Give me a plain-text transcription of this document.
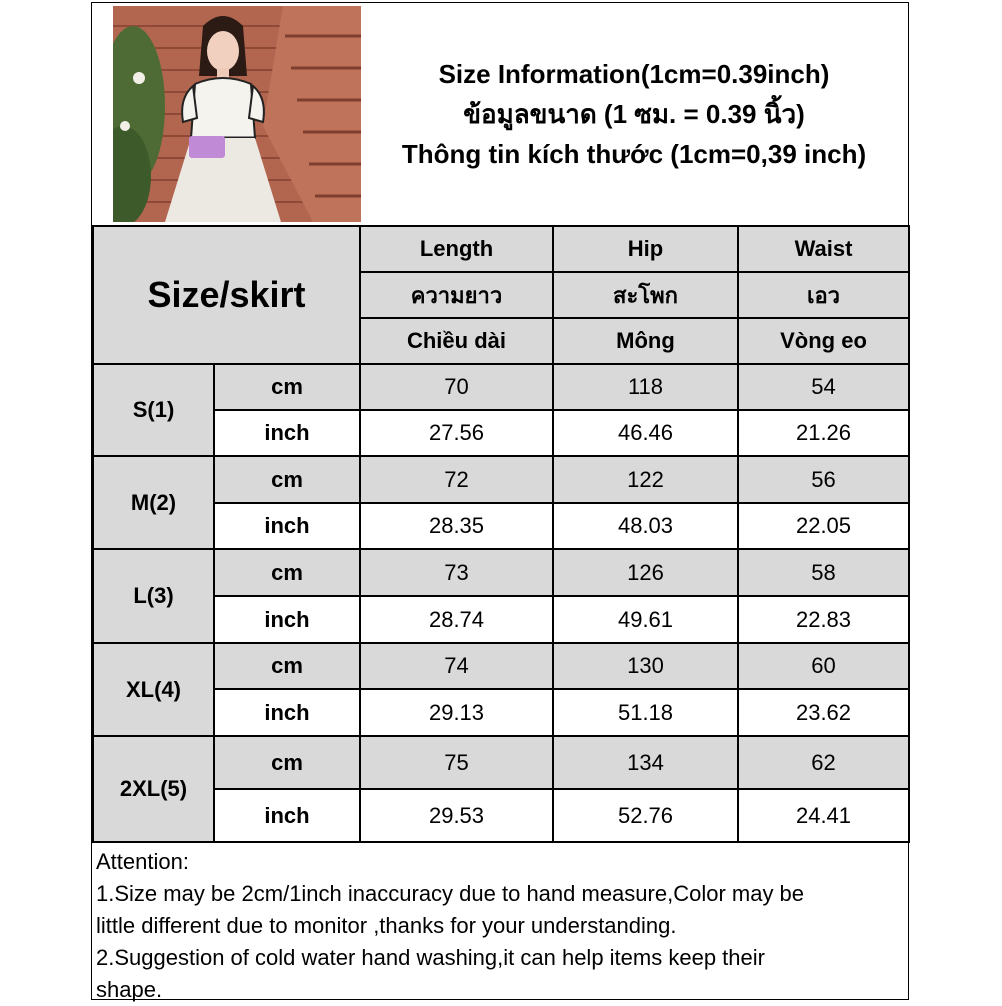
Size Information(1cm=0.39inch)
ข้อมูลขนาด (1 ซม. = 0.39 นิ้ว)
Thông tin kích thước (1cm=0,39 inch)
Size/skirt		Length	Hip	Waist
		ความยาว	สะโพก	เอว
		Chiều dài	Mông	Vòng eo
S(1)	cm	70	118	54
	inch	27.56	46.46	21.26
M(2)	cm	72	122	56
	inch	28.35	48.03	22.05
L(3)	cm	73	126	58
	inch	28.74	49.61	22.83
XL(4)	cm	74	130	60
	inch	29.13	51.18	23.62
2XL(5)	cm	75	134	62
	inch	29.53	52.76	24.41
Attention:
1.Size may be 2cm/1inch inaccuracy due to hand measure,Color may be
little different due to monitor ,thanks for your understanding.
2.Suggestion of cold water hand washing,it can help items keep their
shape.
